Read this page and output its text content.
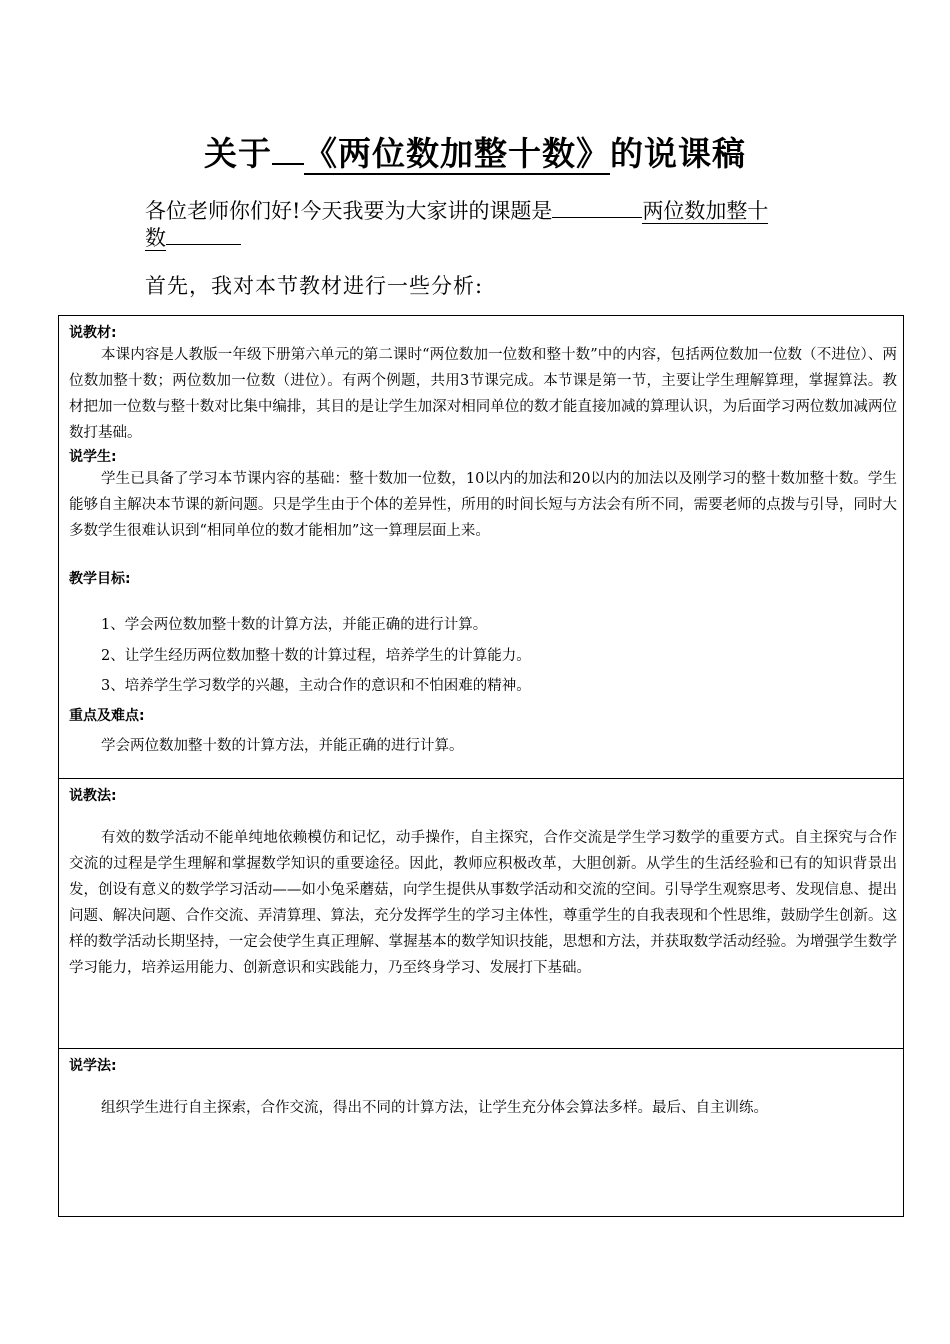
关于 《两位数加整十数》的说课稿
各位老师你们好!今天我要为大家讲的课题是	两位数加整十
数
首先，我对本节教材进行一些分析:
说教材:
本课内容是人教版一年级下册第六单元的第二课时“两位数加一位数和整十数”中的内容，包括两位数加一位数（不进位）、两位数加整十数；两位数加一位数（进位）。有两个例题，共用3节课完成。本节课是第一节，主要让学生理解算理，掌握算法。教材把加一位数与整十数对比集中编排，其目的是让学生加深对相同单位的数才能直接加减的算理认识，为后面学习两位数加减两位数打基础。
说学生:
学生已具备了学习本节课内容的基础：整十数加一位数，10以内的加法和20以内的加法以及刚学习的整十数加整十数。学生能够自主解决本节课的新问题。只是学生由于个体的差异性，所用的时间长短与方法会有所不同，需要老师的点拨与引导，同时大多数学生很难认识到“相同单位的数才能相加”这一算理层面上来。
教学目标:
1、学会两位数加整十数的计算方法，并能正确的进行计算。
2、让学生经历两位数加整十数的计算过程，培养学生的计算能力。
3、培养学生学习数学的兴趣，主动合作的意识和不怕困难的精神。
重点及难点:
学会两位数加整十数的计算方法，并能正确的进行计算。
说教法:
有效的数学活动不能单纯地依赖模仿和记忆，动手操作，自主探究，合作交流是学生学习数学的重要方式。自主探究与合作交流的过程是学生理解和掌握数学知识的重要途径。因此，教师应积极改革，大胆创新。从学生的生活经验和已有的知识背景出发，创设有意义的数学学习活动——如小兔采蘑菇，向学生提供从事数学活动和交流的空间。引导学生观察思考、发现信息、提出问题、解决问题、合作交流、弄清算理、算法，充分发挥学生的学习主体性，尊重学生的自我表现和个性思维，鼓励学生创新。这样的数学活动长期坚持，一定会使学生真正理解、掌握基本的数学知识技能，思想和方法，并获取数学活动经验。为增强学生数学学习能力，培养运用能力、创新意识和实践能力，乃至终身学习、发展打下基础。
说学法:
组织学生进行自主探索，合作交流，得出不同的计算方法，让学生充分体会算法多样。最后、自主训练。
